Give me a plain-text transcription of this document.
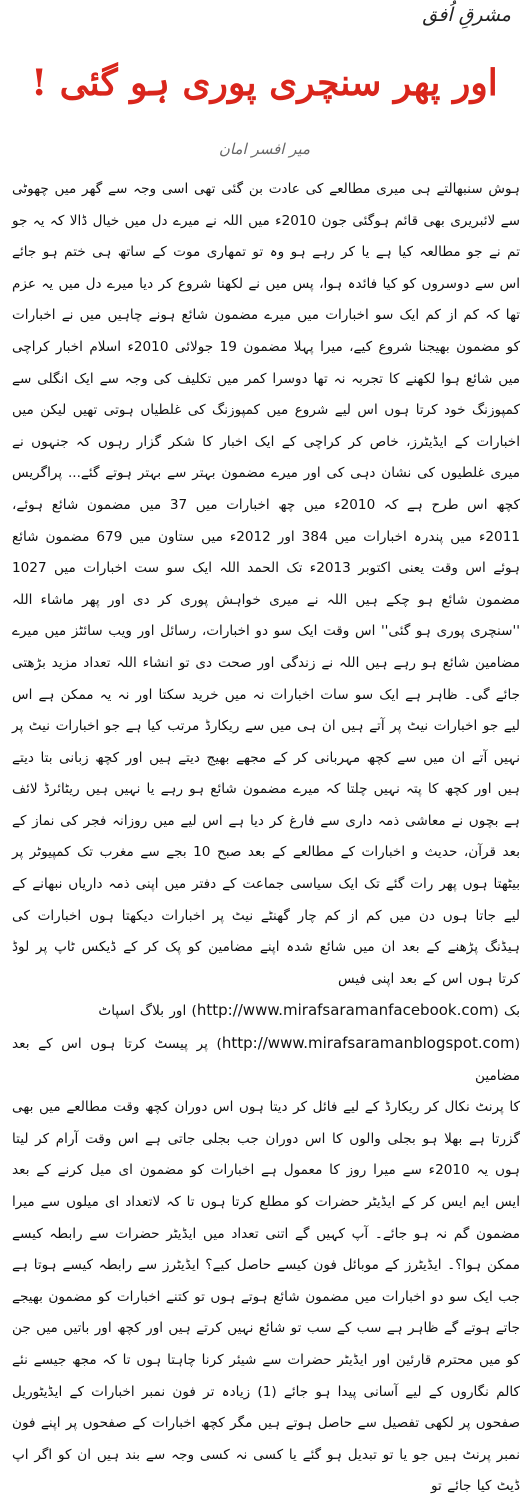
مشرقِ اُفق
اور پھر سنچری پوری ہو گئی !
میر افسر امان

ہوش سنبھالتے ہی میری مطالعے کی عادت بن گئی تھی اسی وجہ سے گھر میں چھوٹی سے لائبریری بھی قائم ہوگئی جون 2010ء میں اللہ نے میرے دل میں خیال ڈالا کہ یہ جو تم نے جو مطالعہ کیا ہے یا کر رہے ہو وہ تو تمھاری موت کے ساتھ ہی ختم ہو جائے اس سے دوسروں کو کیا فائدہ ہوا، پس میں نے لکھنا شروع کر دیا میرے دل میں یہ عزم تھا کہ کم از کم ایک سو اخبارات میں میرے مضمون شائع ہونے چاہیں میں نے اخبارات کو مضمون بھیجنا شروع کیے، میرا پہلا مضمون 19 جولائی 2010ء اسلام اخبار کراچی میں شائع ہوا لکھنے کا تجربہ نہ تھا دوسرا کمر میں تکلیف کی وجہ سے ایک انگلی سے کمپوزنگ خود کرتا ہوں اس لیے شروع میں کمپوزنگ کی غلطیاں ہوتی تھیں لیکن میں اخبارات کے ایڈیٹرز، خاص کر کراچی کے ایک اخبار کا شکر گزار رہوں کہ جنہوں نے میری غلطیوں کی نشان دہی کی اور میرے مضمون بہتر سے بہتر ہوتے گئے... پراگریس کچھ اس طرح ہے کہ 2010ء میں چھ اخبارات میں 37 میں مضمون شائع ہوئے، 2011ء میں پندرہ اخبارات میں 384 اور 2012ء میں ستاون میں 679 مضمون شائع ہوئے اس وقت یعنی اکتوبر 2013ء تک الحمد اللہ ایک سو ست اخبارات میں 1027 مضمون شائع ہو چکے ہیں اللہ نے میری خواہش پوری کر دی اور پھر ماشاء اللہ ''سنچری پوری ہو گئی'' اس وقت ایک سو دو اخبارات، رسائل اور ویب سائٹز میں میرے مضامین شائع ہو رہے ہیں اللہ نے زندگی اور صحت دی تو انشاء اللہ تعداد مزید بڑھتی جائے گی۔ ظاہر ہے ایک سو سات اخبارات نہ میں خرید سکتا اور نہ یہ ممکن ہے اس لیے جو اخبارات نیٹ پر آتے ہیں ان ہی میں سے ریکارڈ مرتب کیا ہے جو اخبارات نیٹ پر نہیں آتے ان میں سے کچھ مہربانی کر کے مجھے بھیج دیتے ہیں اور کچھ زبانی بتا دیتے ہیں اور کچھ کا پتہ نہیں چلتا کہ میرے مضمون شائع ہو رہے یا نہیں ہیں ریٹائرڈ لائف ہے بچوں نے معاشی ذمہ داری سے فارغ کر دیا ہے اس لیے میں روزانہ فجر کی نماز کے بعد قرآن، حدیث و اخبارات کے مطالعے کے بعد صبح 10 بجے سے مغرب تک کمپیوٹر پر بیٹھتا ہوں پھر رات گئے تک ایک سیاسی جماعت کے دفتر میں اپنی ذمہ داریاں نبھانے کے لیے جاتا ہوں دن میں کم از کم چار گھنٹے نیٹ پر اخبارات دیکھتا ہوں اخبارات کی ہیڈنگ پڑھنے کے بعد ان میں شائع شدہ اپنے مضامین کو پک کر کے ڈیکس ٹاپ پر لوڈ کرتا ہوں اس کے بعد اپنی فیس

بک (http://www.mirafsaramanfacebook.com) اور بلاگ اسپاٹ

(http://www.mirafsaramanblogspot.com) پر پیسٹ کرتا ہوں اس کے بعد مضامین

کا پرنٹ نکال کر ریکارڈ کے لیے فائل کر دیتا ہوں اس دوران کچھ وقت مطالعے میں بھی گزرتا ہے بھلا ہو بجلی والوں کا اس دوران جب بجلی جاتی ہے اس وقت آرام کر لیتا ہوں یہ 2010ء سے میرا روز کا معمول ہے اخبارات کو مضمون ای میل کرنے کے بعد ایس ایم ایس کر کے ایڈیٹر حضرات کو مطلع کرتا ہوں تا کہ لاتعداد ای میلوں سے میرا مضمون گم نہ ہو جائے۔ آپ کہیں گے اتنی تعداد میں ایڈیٹر حضرات سے رابطہ کیسے ممکن ہوا؟۔ ایڈیٹرز کے موبائل فون کیسے حاصل کیے؟ ایڈیٹرز سے رابطہ کیسے ہوتا ہے جب ایک سو دو اخبارات میں مضمون شائع ہوتے ہوں تو کتنے اخبارات کو مضمون بھیجے جاتے ہوتے گے ظاہر ہے سب کے سب تو شائع نہیں کرتے ہیں اور کچھ اور باتیں میں جن کو میں محترم قارئین اور ایڈیٹر حضرات سے شیئر کرنا چاہتا ہوں تا کہ مجھ جیسے نئے کالم نگاروں کے لیے آسانی پیدا ہو جائے (1) زیادہ تر فون نمبر اخبارات کے ایڈیٹوریل صفحوں پر لکھی تفصیل سے حاصل ہوتے ہیں مگر کچھ اخبارات کے صفحوں پر اپنے فون نمبر پرنٹ ہیں جو یا تو تبدیل ہو گئے یا کسی نہ کسی وجہ سے بند ہیں ان کو اگر اپ ڈیٹ کیا جائے تو
